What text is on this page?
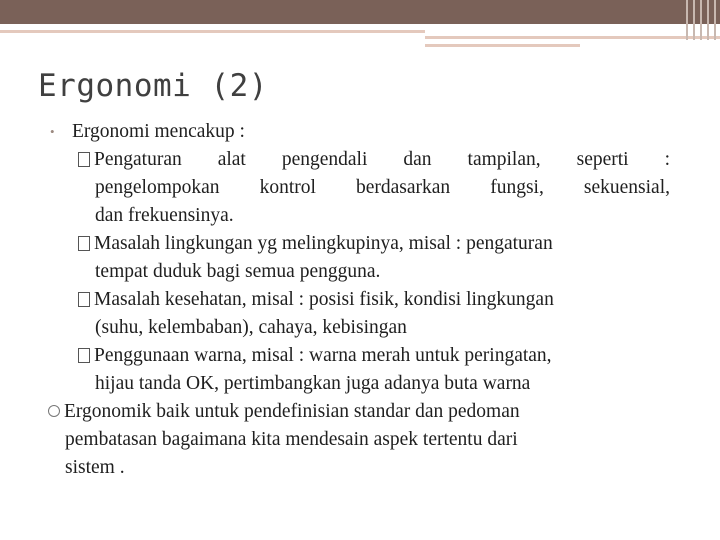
Ergonomi (2)
• Ergonomi mencakup :
Pengaturan alat pengendali dan tampilan, seperti :
pengelompokan kontrol berdasarkan fungsi, sekuensial,
dan frekuensinya.
Masalah lingkungan yg melingkupinya, misal : pengaturan
tempat duduk bagi semua pengguna.
Masalah kesehatan, misal : posisi fisik, kondisi lingkungan
(suhu, kelembaban), cahaya, kebisingan
Penggunaan warna, misal : warna merah untuk peringatan,
hijau tanda OK, pertimbangkan juga adanya buta warna
Ergonomik baik untuk pendefinisian standar dan pedoman
pembatasan bagaimana kita mendesain aspek tertentu dari
sistem .
